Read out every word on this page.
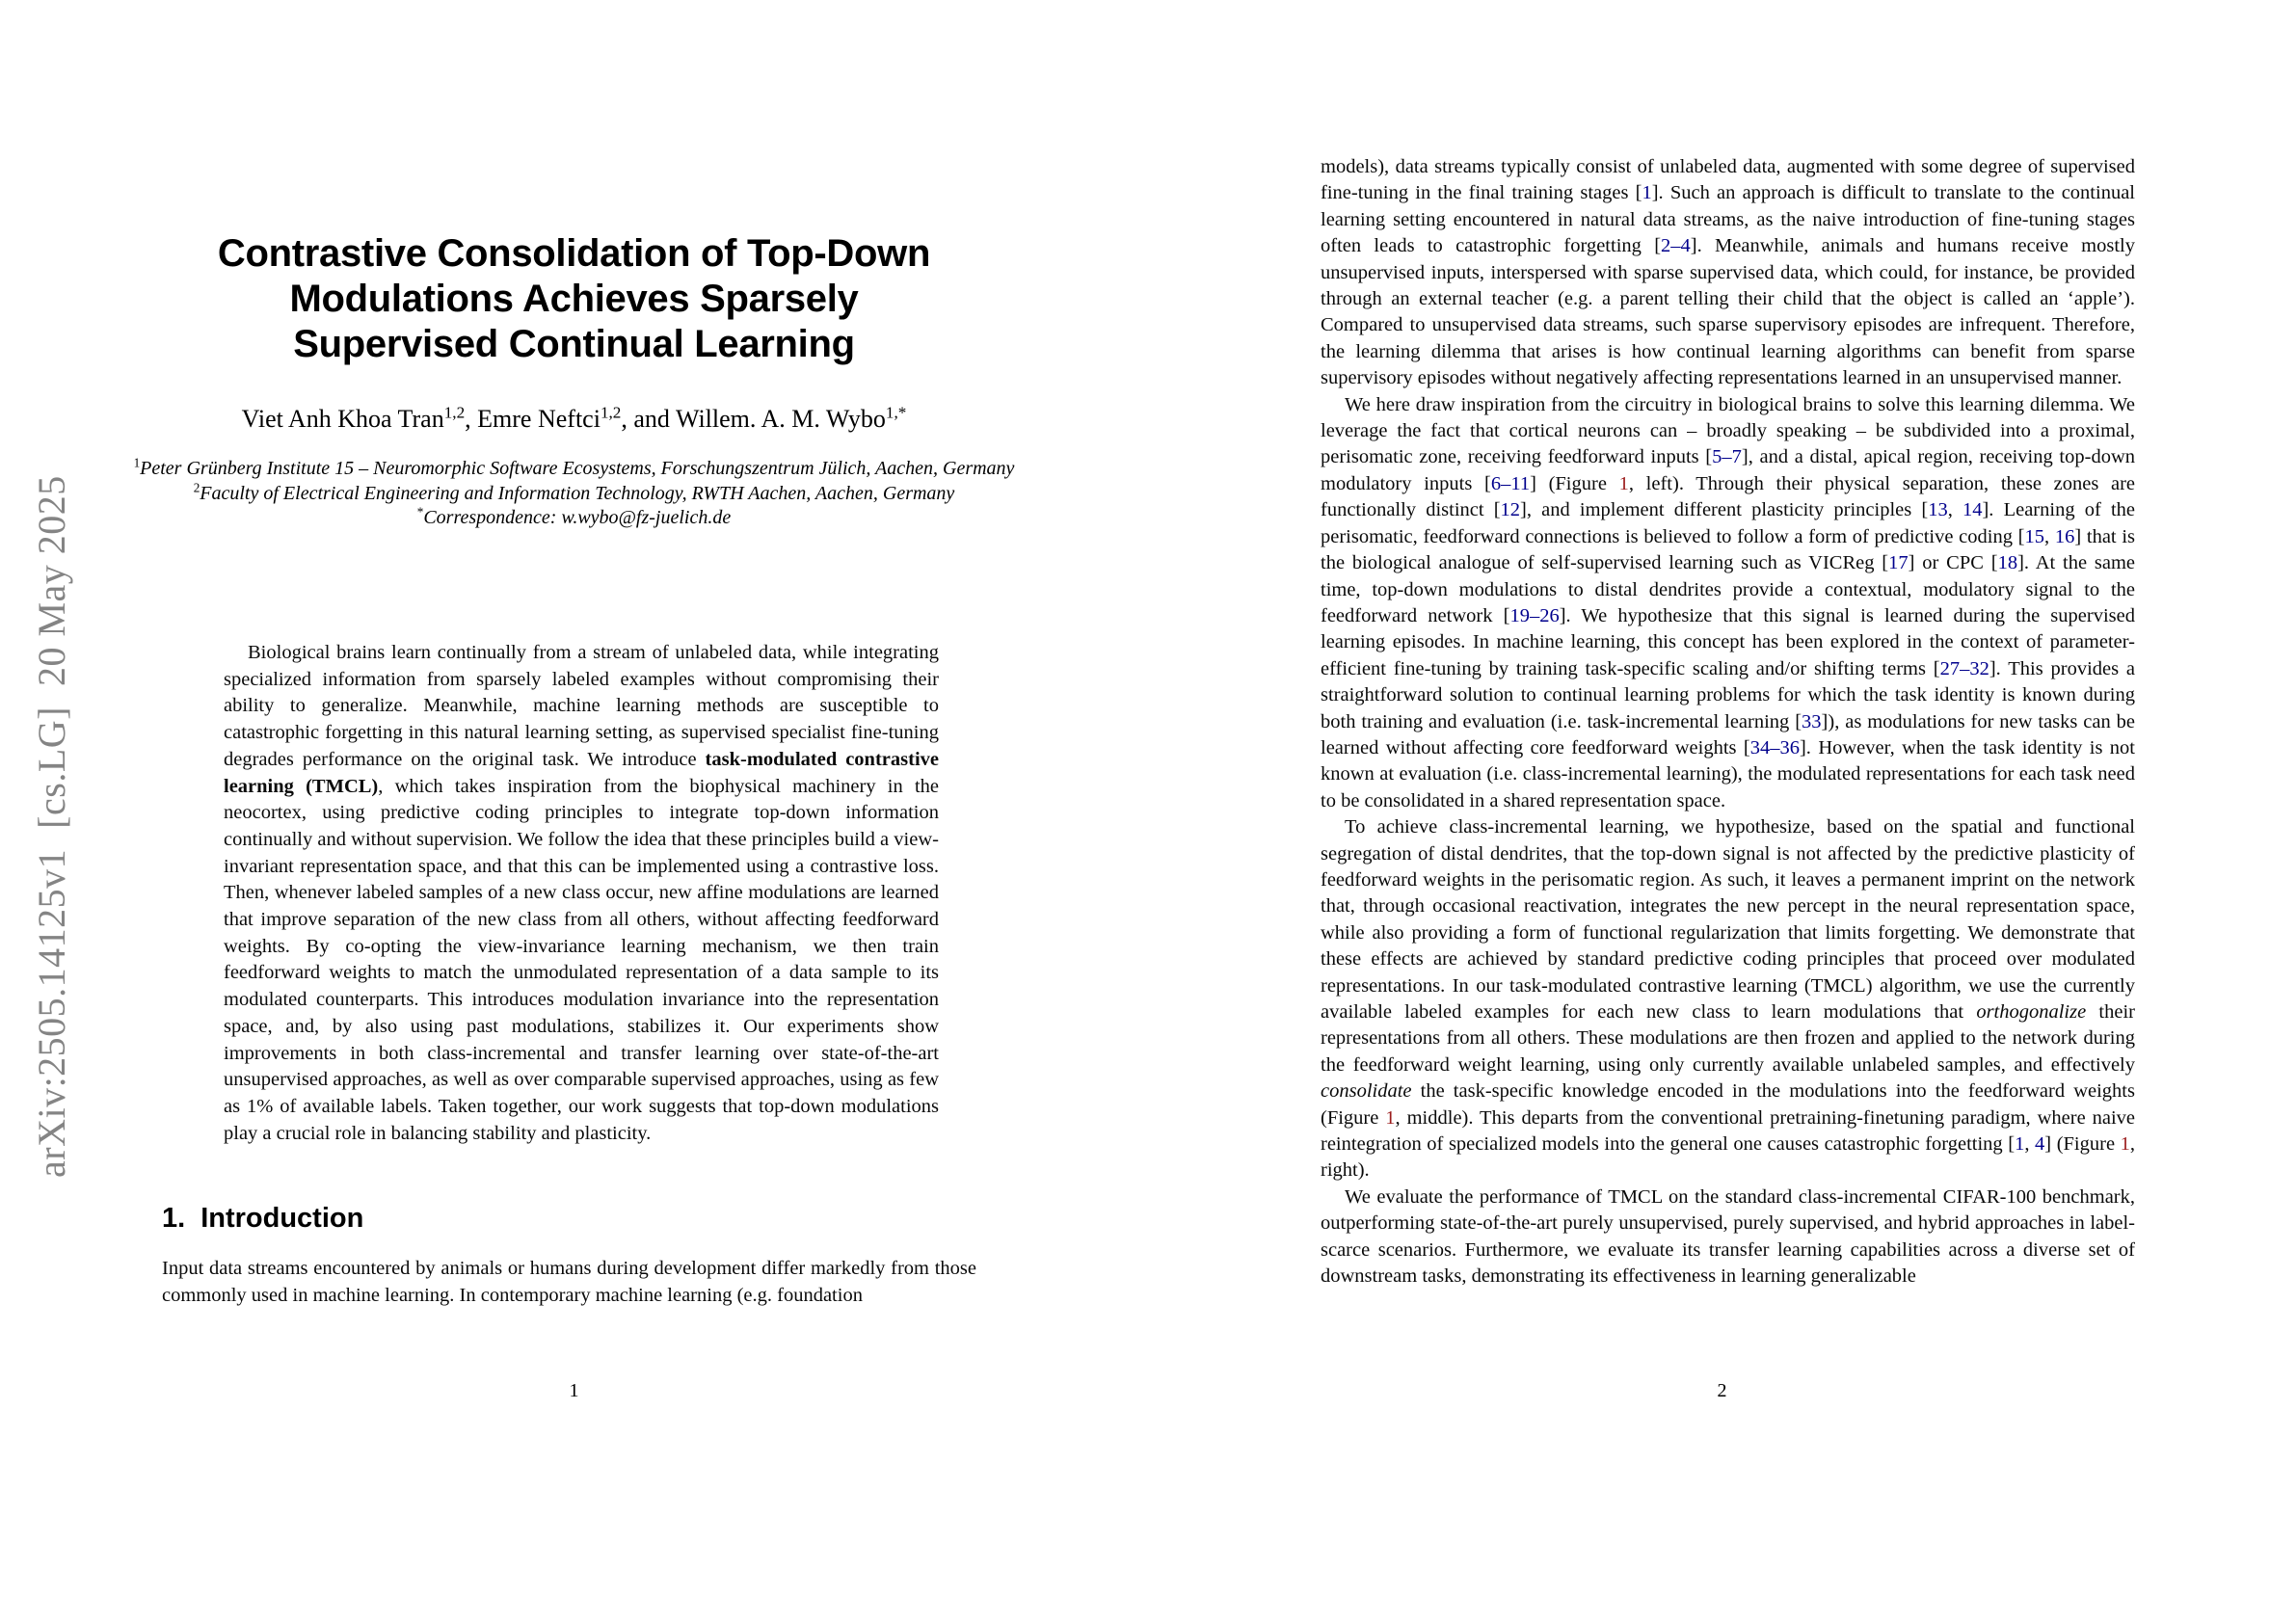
arXiv:2505.14125v1  [cs.LG]  20 May 2025
Contrastive Consolidation of Top-Down
Modulations Achieves Sparsely
Supervised Continual Learning
Viet Anh Khoa Tran$^{1,2}$, Emre Neftci$^{1,2}$, and Willem. A. M. Wybo$^{1,*}$
$^1$Peter Grünberg Institute 15 – Neuromorphic Software Ecosystems, Forschungszentrum Jülich, Aachen, Germany
$^2$Faculty of Electrical Engineering and Information Technology, RWTH Aachen, Aachen, Germany
*Correspondence: w.wybo@fz-juelich.de

Biological brains learn continually from a stream of unlabeled data, while integrating specialized information from sparsely labeled examples without compromising their ability to generalize. Meanwhile, machine learning methods are susceptible to catastrophic forgetting in this natural learning setting, as supervised specialist fine-tuning degrades performance on the original task. We introduce task-modulated contrastive learning (TMCL), which takes inspiration from the biophysical machinery in the neocortex, using predictive coding principles to integrate top-down information continually and without supervision. We follow the idea that these principles build a view-invariant representation space, and that this can be implemented using a contrastive loss. Then, whenever labeled samples of a new class occur, new affine modulations are learned that improve separation of the new class from all others, without affecting feedforward weights. By co-opting the view-invariance learning mechanism, we then train feedforward weights to match the unmodulated representation of a data sample to its modulated counterparts. This introduces modulation invariance into the representation space, and, by also using past modulations, stabilizes it. Our experiments show improvements in both class-incremental and transfer learning over state-of-the-art unsupervised approaches, as well as over comparable supervised approaches, using as few as 1% of available labels. Taken together, our work suggests that top-down modulations play a crucial role in balancing stability and plasticity.

1. Introduction

Input data streams encountered by animals or humans during development differ markedly from those commonly used in machine learning. In contemporary machine learning (e.g. foundation

1

models), data streams typically consist of unlabeled data, augmented with some degree of supervised fine-tuning in the final training stages [1]. Such an approach is difficult to translate to the continual learning setting encountered in natural data streams, as the naive introduction of fine-tuning stages often leads to catastrophic forgetting [2–4]. Meanwhile, animals and humans receive mostly unsupervised inputs, interspersed with sparse supervised data, which could, for instance, be provided through an external teacher (e.g. a parent telling their child that the object is called an ‘apple’). Compared to unsupervised data streams, such sparse supervisory episodes are infrequent. Therefore, the learning dilemma that arises is how continual learning algorithms can benefit from sparse supervisory episodes without negatively affecting representations learned in an unsupervised manner.

We here draw inspiration from the circuitry in biological brains to solve this learning dilemma. We leverage the fact that cortical neurons can – broadly speaking – be subdivided into a proximal, perisomatic zone, receiving feedforward inputs [5–7], and a distal, apical region, receiving top-down modulatory inputs [6–11] (Figure 1, left). Through their physical separation, these zones are functionally distinct [12], and implement different plasticity principles [13, 14]. Learning of the perisomatic, feedforward connections is believed to follow a form of predictive coding [15, 16] that is the biological analogue of self-supervised learning such as VICReg [17] or CPC [18]. At the same time, top-down modulations to distal dendrites provide a contextual, modulatory signal to the feedforward network [19–26]. We hypothesize that this signal is learned during the supervised learning episodes. In machine learning, this concept has been explored in the context of parameter-efficient fine-tuning by training task-specific scaling and/or shifting terms [27–32]. This provides a straightforward solution to continual learning problems for which the task identity is known during both training and evaluation (i.e. task-incremental learning [33]), as modulations for new tasks can be learned without affecting core feedforward weights [34–36]. However, when the task identity is not known at evaluation (i.e. class-incremental learning), the modulated representations for each task need to be consolidated in a shared representation space.

To achieve class-incremental learning, we hypothesize, based on the spatial and functional segregation of distal dendrites, that the top-down signal is not affected by the predictive plasticity of feedforward weights in the perisomatic region. As such, it leaves a permanent imprint on the network that, through occasional reactivation, integrates the new percept in the neural representation space, while also providing a form of functional regularization that limits forgetting. We demonstrate that these effects are achieved by standard predictive coding principles that proceed over modulated representations. In our task-modulated contrastive learning (TMCL) algorithm, we use the currently available labeled examples for each new class to learn modulations that orthogonalize their representations from all others. These modulations are then frozen and applied to the network during the feedforward weight learning, using only currently available unlabeled samples, and effectively consolidate the task-specific knowledge encoded in the modulations into the feedforward weights (Figure 1, middle). This departs from the conventional pretraining-finetuning paradigm, where naive reintegration of specialized models into the general one causes catastrophic forgetting [1, 4] (Figure 1, right).

We evaluate the performance of TMCL on the standard class-incremental CIFAR-100 benchmark, outperforming state-of-the-art purely unsupervised, purely supervised, and hybrid approaches in label-scarce scenarios. Furthermore, we evaluate its transfer learning capabilities across a diverse set of downstream tasks, demonstrating its effectiveness in learning generalizable

2
